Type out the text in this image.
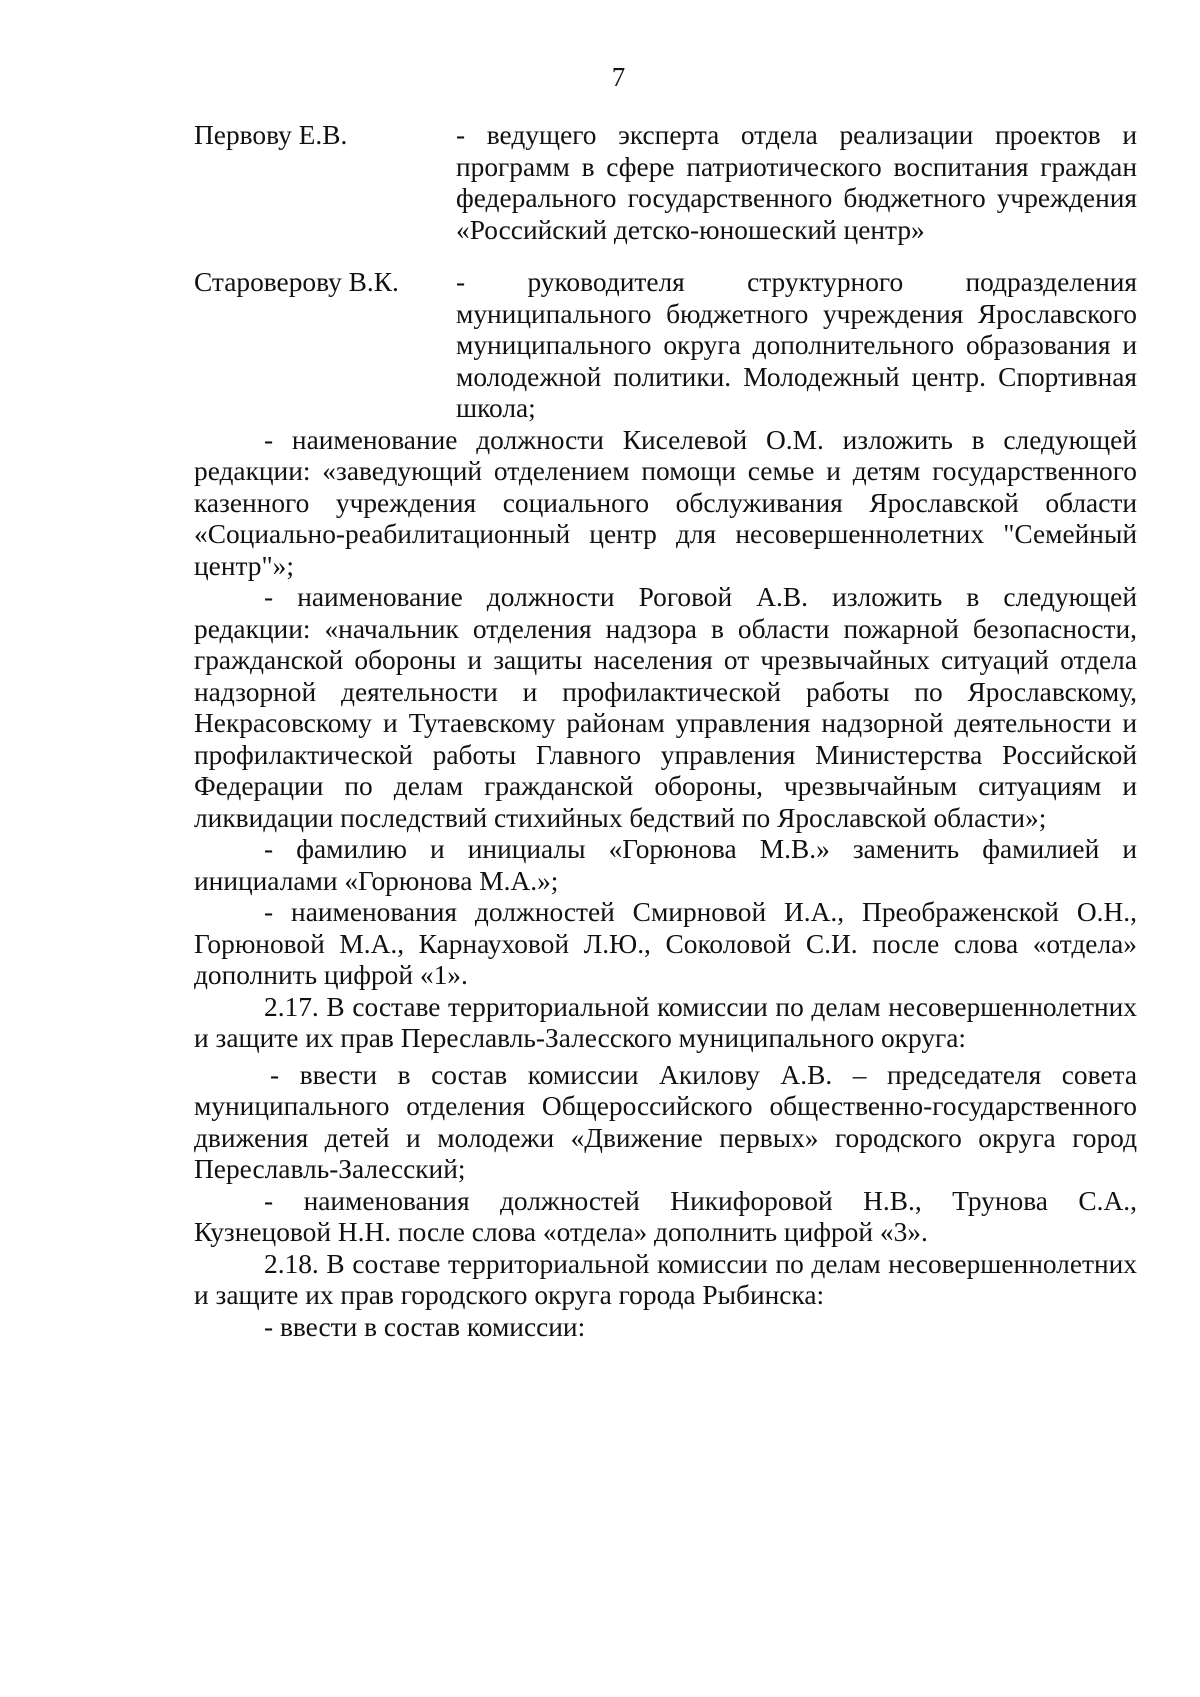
7
Первову Е.В.	- ведущего эксперта отдела реализации проектов и программ в сфере патриотического воспитания граждан федерального государственного бюджетного учреждения «Российский детско-юношеский центр»
Староверову В.К.	- руководителя структурного подразделения муниципального бюджетного учреждения Ярославского муниципального округа дополнительного образования и молодежной политики. Молодежный центр. Спортивная школа;

- наименование должности Киселевой О.М. изложить в следующей редакции: «заведующий отделением помощи семье и детям государственного казенного учреждения социального обслуживания Ярославской области «Социально-реабилитационный центр для несовершеннолетних "Семейный центр"»;

- наименование должности Роговой А.В. изложить в следующей редакции: «начальник отделения надзора в области пожарной безопасности, гражданской обороны и защиты населения от чрезвычайных ситуаций отдела надзорной деятельности и профилактической работы по Ярославскому, Некрасовскому и Тутаевскому районам управления надзорной деятельности и профилактической работы Главного управления Министерства Российской Федерации по делам гражданской обороны, чрезвычайным ситуациям и ликвидации последствий стихийных бедствий по Ярославской области»;

- фамилию и инициалы «Горюнова М.В.» заменить фамилией и инициалами «Горюнова М.А.»;

- наименования должностей Смирновой И.А., Преображенской О.Н., Горюновой М.А., Карнауховой Л.Ю., Соколовой С.И. после слова «отдела» дополнить цифрой «1».

2.17. В составе территориальной комиссии по делам несовершеннолетних и защите их прав Переславль-Залесского муниципального округа:

- ввести в состав комиссии Акилову А.В. – председателя совета муниципального отделения Общероссийского общественно-государственного движения детей и молодежи «Движение первых» городского округа город Переславль-Залесский;

- наименования должностей Никифоровой Н.В., Трунова С.А., Кузнецовой Н.Н. после слова «отдела» дополнить цифрой «3».

2.18. В составе территориальной комиссии по делам несовершеннолетних и защите их прав городского округа города Рыбинска:

- ввести в состав комиссии:
